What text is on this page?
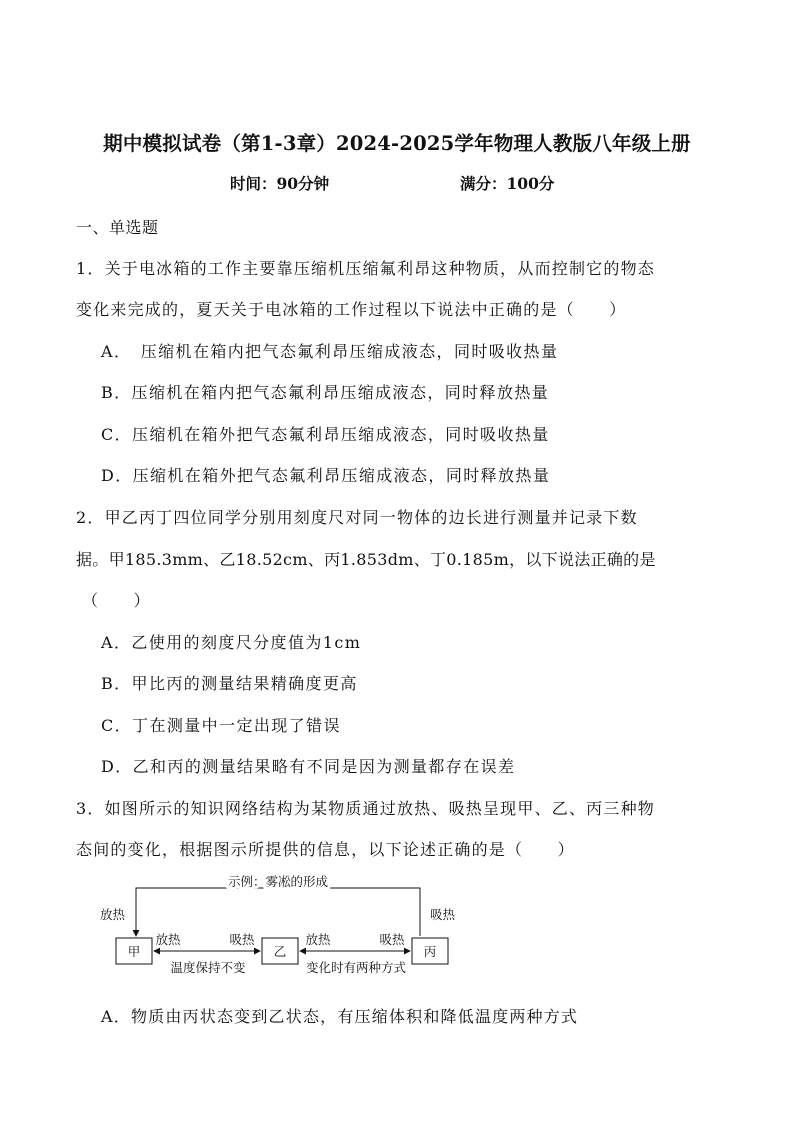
期中模拟试卷（第1-3章）2024-2025学年物理人教版八年级上册
时间：90分钟	满分：100分
一、单选题
1．关于电冰箱的工作主要靠压缩机压缩氟利昂这种物质，从而控制它的物态
变化来完成的，夏天关于电冰箱的工作过程以下说法中正确的是（　　）
A．　压缩机在箱内把气态氟利昂压缩成液态，同时吸收热量
B．压缩机在箱内把气态氟利昂压缩成液态，同时释放热量
C．压缩机在箱外把气态氟利昂压缩成液态，同时吸收热量
D．压缩机在箱外把气态氟利昂压缩成液态，同时释放热量
2．甲乙丙丁四位同学分别用刻度尺对同一物体的边长进行测量并记录下数
据。甲185.3mm、乙18.52cm、丙1.853dm、丁0.185m，以下说法正确的是
（　　）
A．乙使用的刻度尺分度值为1cm
B．甲比丙的测量结果精确度更高
C．丁在测量中一定出现了错误
D．乙和丙的测量结果略有不同是因为测量都存在误差
3．如图所示的知识网络结构为某物质通过放热、吸热呈现甲、乙、丙三种物
态间的变化，根据图示所提供的信息，以下论述正确的是（　　）
示例：雾凇的形成
放热	吸热
甲	乙	丙
放热	吸热	放热	吸热
温度保持不变	变化时有两种方式
A．物质由丙状态变到乙状态，有压缩体积和降低温度两种方式
